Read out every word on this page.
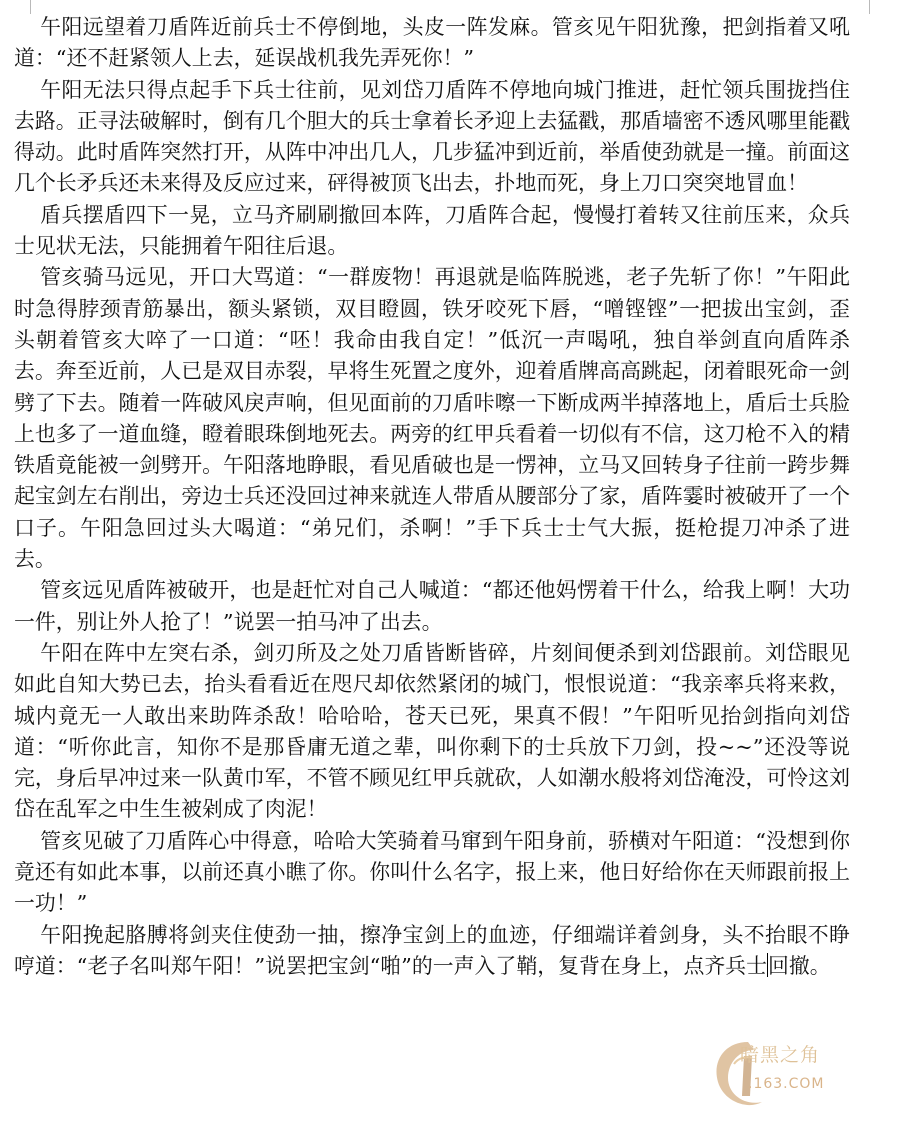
午阳远望着刀盾阵近前兵士不停倒地，头皮一阵发麻。管亥见午阳犹豫，把剑指着又吼道：“还不赶紧领人上去，延误战机我先弄死你！”

午阳无法只得点起手下兵士往前，见刘岱刀盾阵不停地向城门推进，赶忙领兵围拢挡住去路。正寻法破解时，倒有几个胆大的兵士拿着长矛迎上去猛戳，那盾墙密不透风哪里能戳得动。此时盾阵突然打开，从阵中冲出几人，几步猛冲到近前，举盾使劲就是一撞。前面这几个长矛兵还未来得及反应过来，砰得被顶飞出去，扑地而死，身上刀口突突地冒血！

盾兵摆盾四下一晃，立马齐刷刷撤回本阵，刀盾阵合起，慢慢打着转又往前压来，众兵士见状无法，只能拥着午阳往后退。

管亥骑马远见，开口大骂道：“一群废物！再退就是临阵脱逃，老子先斩了你！”午阳此时急得脖颈青筋暴出，额头紧锁，双目瞪圆，铁牙咬死下唇，“噌铿铿”一把拔出宝剑，歪头朝着管亥大啐了一口道：“呸！我命由我自定！”低沉一声喝吼，独自举剑直向盾阵杀去。奔至近前，人已是双目赤裂，早将生死置之度外，迎着盾牌高高跳起，闭着眼死命一剑劈了下去。随着一阵破风戾声响，但见面前的刀盾咔嚓一下断成两半掉落地上，盾后士兵脸上也多了一道血缝，瞪着眼珠倒地死去。两旁的红甲兵看着一切似有不信，这刀枪不入的精铁盾竟能被一剑劈开。午阳落地睁眼，看见盾破也是一愣神，立马又回转身子往前一跨步舞起宝剑左右削出，旁边士兵还没回过神来就连人带盾从腰部分了家，盾阵霎时被破开了一个口子。午阳急回过头大喝道：“弟兄们，杀啊！”手下兵士士气大振，挺枪提刀冲杀了进去。

管亥远见盾阵被破开，也是赶忙对自己人喊道：“都还他妈愣着干什么，给我上啊！大功一件，别让外人抢了！”说罢一拍马冲了出去。

午阳在阵中左突右杀，剑刃所及之处刀盾皆断皆碎，片刻间便杀到刘岱跟前。刘岱眼见如此自知大势已去，抬头看看近在咫尺却依然紧闭的城门，恨恨说道：“我亲率兵将来救，城内竟无一人敢出来助阵杀敌！哈哈哈，苍天已死，果真不假！”午阳听见抬剑指向刘岱道：“听你此言，知你不是那昏庸无道之辈，叫你剩下的士兵放下刀剑，投~~”还没等说完，身后早冲过来一队黄巾军，不管不顾见红甲兵就砍，人如潮水般将刘岱淹没，可怜这刘岱在乱军之中生生被剁成了肉泥！

管亥见破了刀盾阵心中得意，哈哈大笑骑着马窜到午阳身前，骄横对午阳道：“没想到你竟还有如此本事，以前还真小瞧了你。你叫什么名字，报上来，他日好给你在天师跟前报上一功！”

午阳挽起胳膊将剑夹住使劲一抽，擦净宝剑上的血迹，仔细端详着剑身，头不抬眼不睁哼道：“老子名叫郑午阳！”说罢把宝剑“啪”的一声入了鞘，复背在身上，点齐兵士回撤。

暗黑之角
.163.COM
